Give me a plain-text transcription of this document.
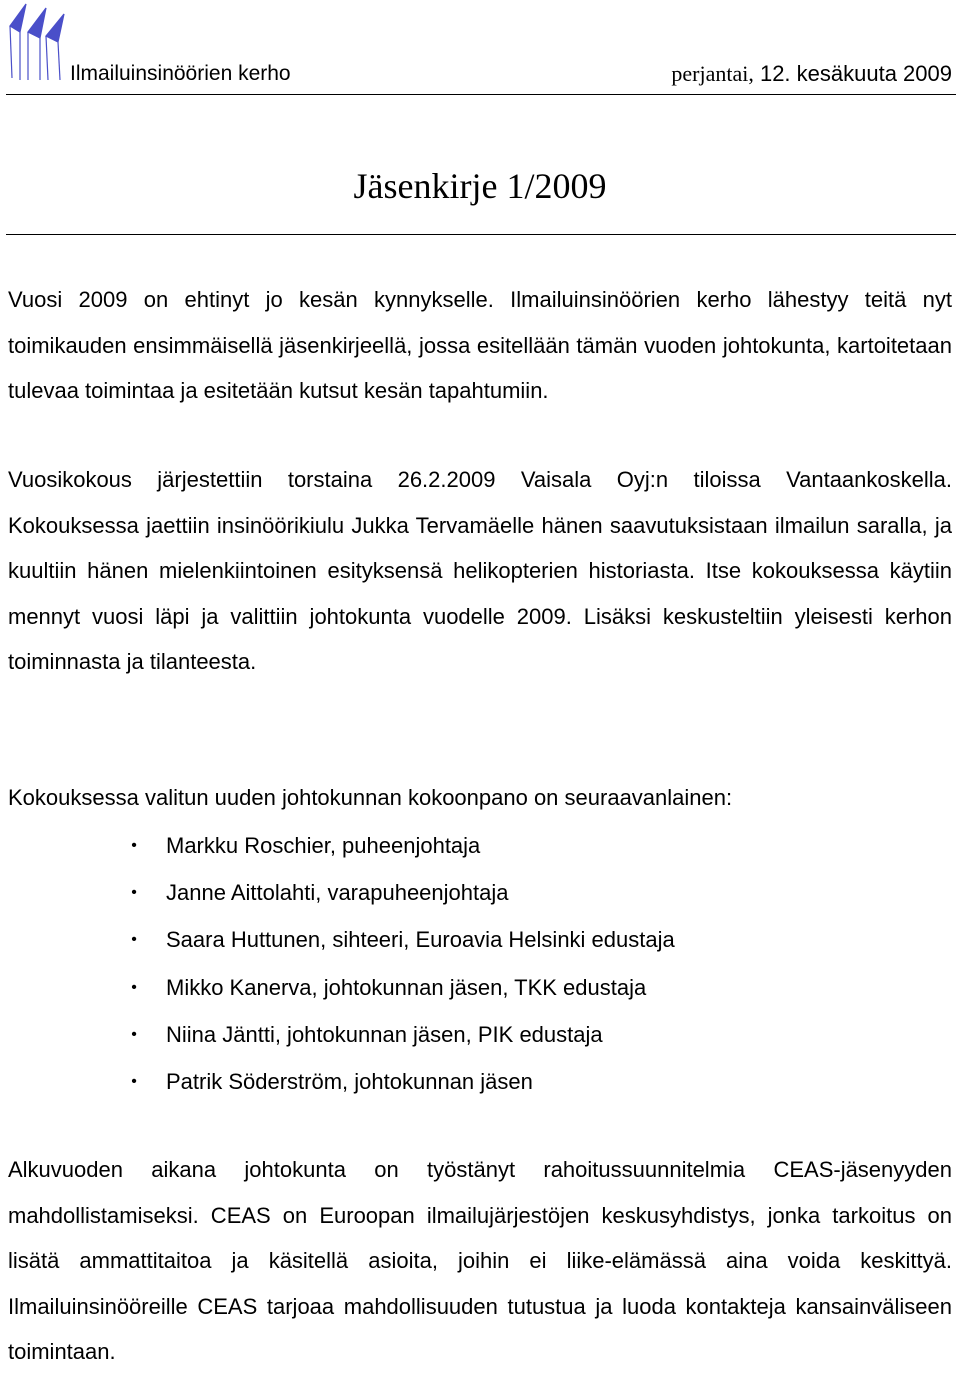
Ilmailuinsinöörien kerho	perjantai, 12. kesäkuuta 2009
Jäsenkirje 1/2009

Vuosi 2009 on ehtinyt jo kesän kynnykselle. Ilmailuinsinöörien kerho lähestyy teitä nyt toimikauden ensimmäisellä jäsenkirjeellä, jossa esitellään tämän vuoden johtokunta, kartoitetaan tulevaa toimintaa ja esitetään kutsut kesän tapahtumiin.

Vuosikokous järjestettiin torstaina 26.2.2009 Vaisala Oyj:n tiloissa Vantaankoskella. Kokouksessa jaettiin insinöörikiulu Jukka Tervamäelle hänen saavutuksistaan ilmailun saralla, ja kuultiin hänen mielenkiintoinen esityksensä helikopterien historiasta. Itse kokouksessa käytiin mennyt vuosi läpi ja valittiin johtokunta vuodelle 2009. Lisäksi keskusteltiin yleisesti kerhon toiminnasta ja tilanteesta.

Kokouksessa valitun uuden johtokunnan kokoonpano on seuraavanlainen:

•	Markku Roschier, puheenjohtaja
•	Janne Aittolahti, varapuheenjohtaja
•	Saara Huttunen, sihteeri, Euroavia Helsinki edustaja
•	Mikko Kanerva, johtokunnan jäsen, TKK edustaja
•	Niina Jäntti, johtokunnan jäsen, PIK edustaja
•	Patrik Söderström, johtokunnan jäsen

Alkuvuoden aikana johtokunta on työstänyt rahoitussuunnitelmia CEAS-jäsenyyden mahdollistamiseksi. CEAS on Euroopan ilmailujärjestöjen keskusyhdistys, jonka tarkoitus on lisätä ammattitaitoa ja käsitellä asioita, joihin ei liike-elämässä aina voida keskittyä. Ilmailuinsinööreille CEAS tarjoaa mahdollisuuden tutustua ja luoda kontakteja kansainväliseen toimintaan.
